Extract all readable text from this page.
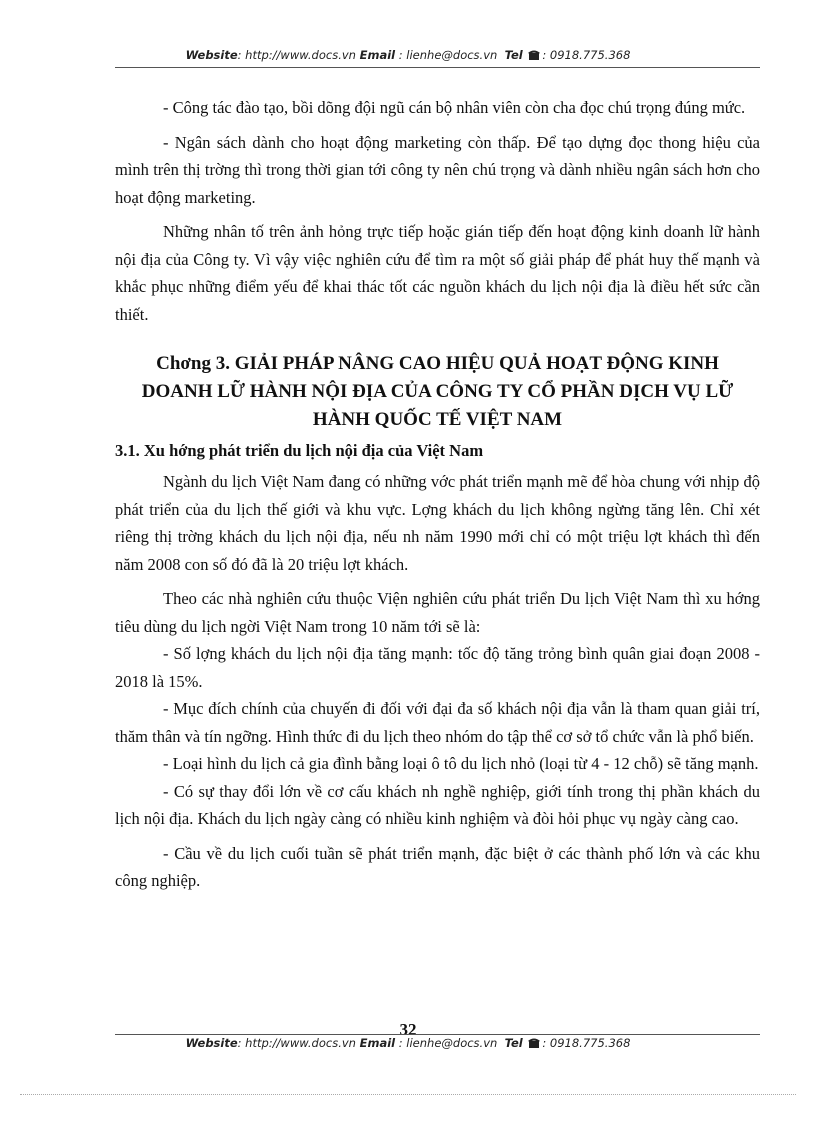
Website: http://www.docs.vn Email : lienhe@docs.vn Tel : 0918.775.368

- Công tác đào tạo, bồi dõng đội ngũ cán bộ nhân viên còn cha đọc chú trọng đúng mức.

- Ngân sách dành cho hoạt động marketing còn thấp. Để tạo dựng đọc thong hiệu của mình trên thị trờng thì trong thời gian tới công ty nên chú trọng và dành nhiều ngân sách hơn cho hoạt động marketing.

Những nhân tố trên ảnh hỏng trực tiếp hoặc gián tiếp đến hoạt động kinh doanh lữ hành nội địa của Công ty. Vì vậy việc nghiên cứu để tìm ra một số giải pháp để phát huy thế mạnh và khắc phục những điểm yếu để khai thác tốt các nguồn khách du lịch nội địa là điều hết sức cần thiết.

Chơng 3. GIẢI PHÁP NÂNG CAO HIỆU QUẢ HOẠT ĐỘNG KINH DOANH LỮ HÀNH NỘI ĐỊA CỦA CÔNG TY CỔ PHẦN DỊCH VỤ LỮ HÀNH QUỐC TẾ VIỆT NAM
3.1. Xu hớng phát triển du lịch nội địa của Việt Nam

Ngành du lịch Việt Nam đang có những vớc phát triển mạnh mẽ để hòa chung với nhịp độ phát triển của du lịch thế giới và khu vực. Lợng khách du lịch không ngừng tăng lên. Chỉ xét riêng thị trờng khách du lịch nội địa, nếu nh năm 1990 mới chỉ có một triệu lợt khách thì đến năm 2008 con số đó đã là 20 triệu lợt khách.

Theo các nhà nghiên cứu thuộc Viện nghiên cứu phát triển Du lịch Việt Nam thì xu hớng tiêu dùng du lịch ngời Việt Nam trong 10 năm tới sẽ là:

- Số lợng khách du lịch nội địa tăng mạnh: tốc độ tăng trỏng bình quân giai đoạn 2008 - 2018 là 15%.

- Mục đích chính của chuyến đi đối với đại đa số khách nội địa vẫn là tham quan giải trí, thăm thân và tín ngỡng. Hình thức đi du lịch theo nhóm do tập thể cơ sở tổ chức vẫn là phổ biến.

- Loại hình du lịch cả gia đình bằng loại ô tô du lịch nhỏ (loại từ 4 - 12 chỗ) sẽ tăng mạnh.

- Có sự thay đổi lớn về cơ cấu khách nh nghề nghiệp, giới tính trong thị phần khách du lịch nội địa. Khách du lịch ngày càng có nhiều kinh nghiệm và đòi hỏi phục vụ ngày càng cao.

- Cầu về du lịch cuối tuần sẽ phát triển mạnh, đặc biệt ở các thành phố lớn và các khu công nghiệp.

32
Website: http://www.docs.vn Email : lienhe@docs.vn Tel : 0918.775.368
